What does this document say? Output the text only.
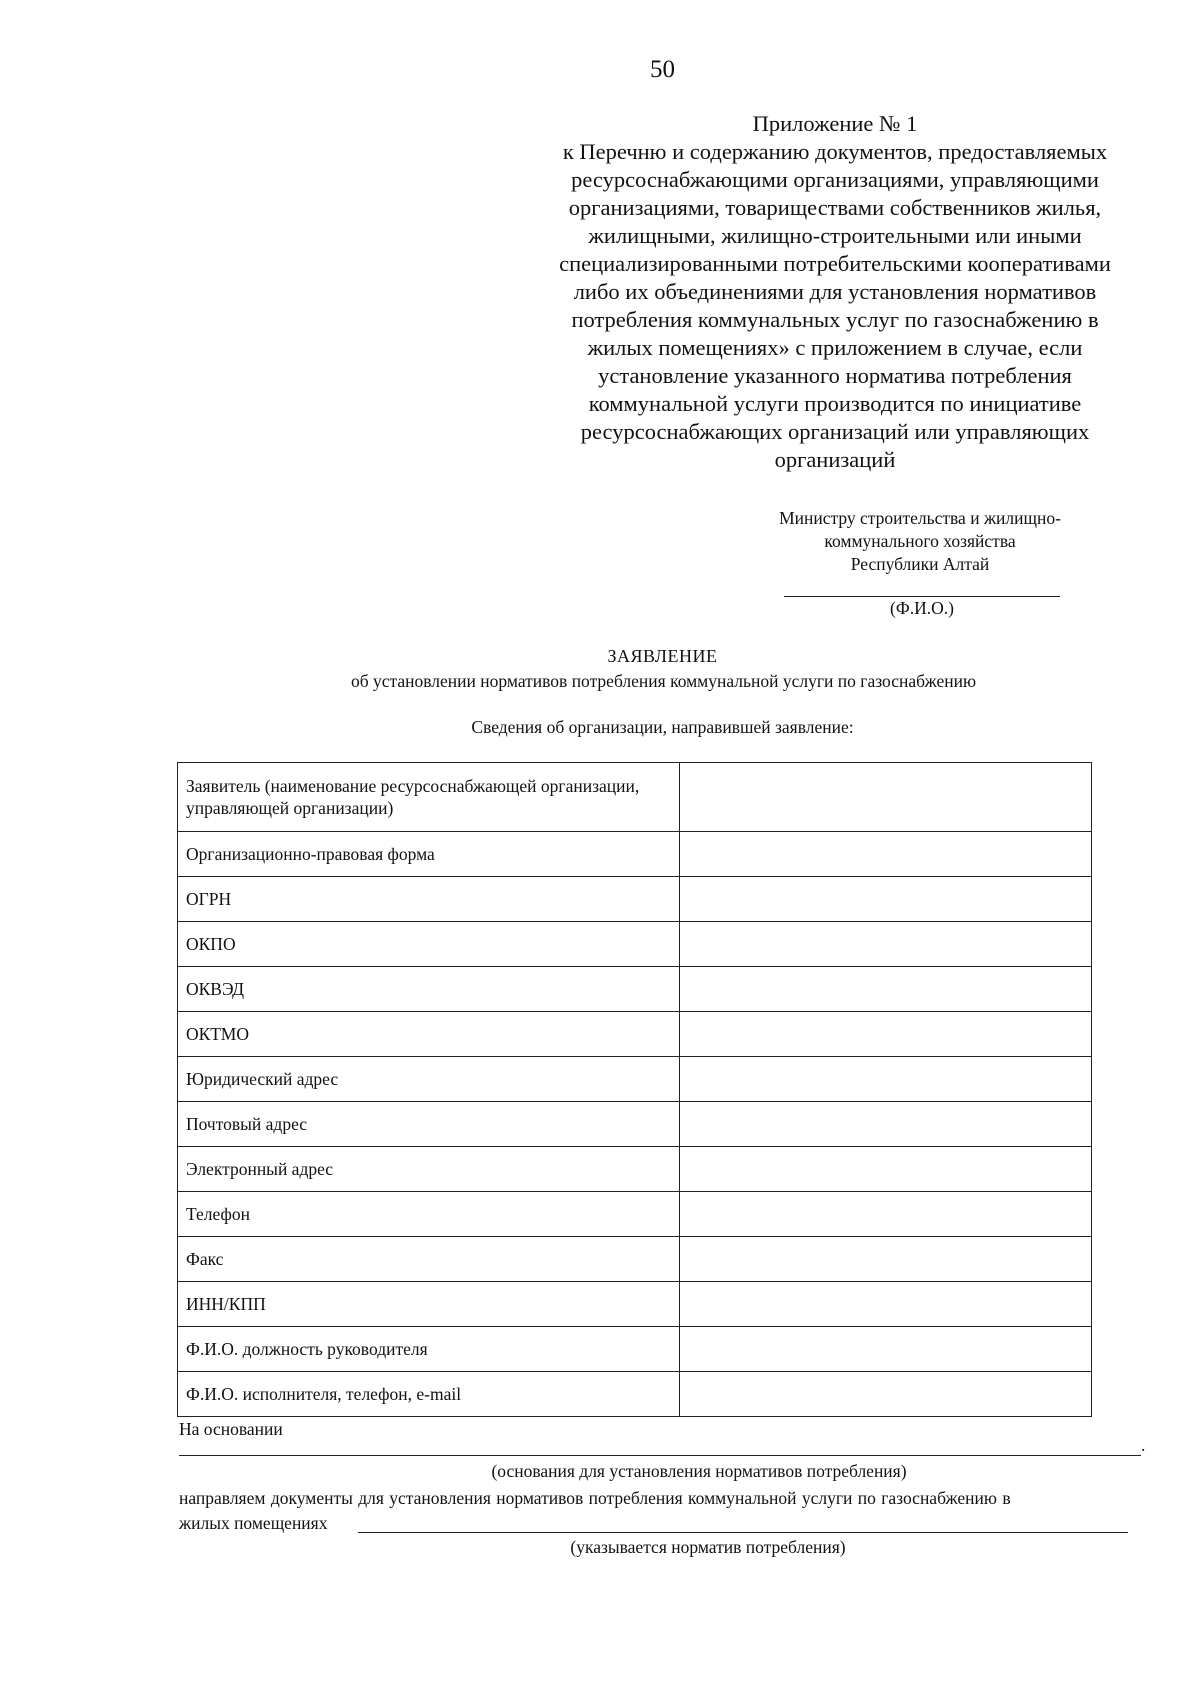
50
Приложение № 1
к Перечню и содержанию документов, предоставляемых
ресурсоснабжающими организациями, управляющими
организациями, товариществами собственников жилья,
жилищными, жилищно-строительными или иными
специализированными потребительскими кооперативами
либо их объединениями для установления нормативов
потребления коммунальных услуг по газоснабжению в
жилых помещениях» с приложением в случае, если
установление указанного норматива потребления
коммунальной услуги производится по инициативе
ресурсоснабжающих организаций или управляющих
организаций
Министру строительства и жилищно-
коммунального хозяйства
Республики Алтай
(Ф.И.О.)
ЗАЯВЛЕНИЕ
об установлении нормативов потребления коммунальной услуги по газоснабжению
Сведения об организации, направившей заявление:
Заявитель (наименование ресурсоснабжающей организации, управляющей организации)	
Организационно-правовая форма	
ОГРН	
ОКПО	
ОКВЭД	
ОКТМО	
Юридический адрес	
Почтовый адрес	
Электронный адрес	
Телефон	
Факс	
ИНН/КПП	
Ф.И.О. должность руководителя	
Ф.И.О. исполнителя, телефон, e-mail	
На основании
.
(основания для установления нормативов потребления)
направляем документы для установления нормативов потребления коммунальной услуги по газоснабжению в
жилых помещениях
(указывается норматив потребления)
